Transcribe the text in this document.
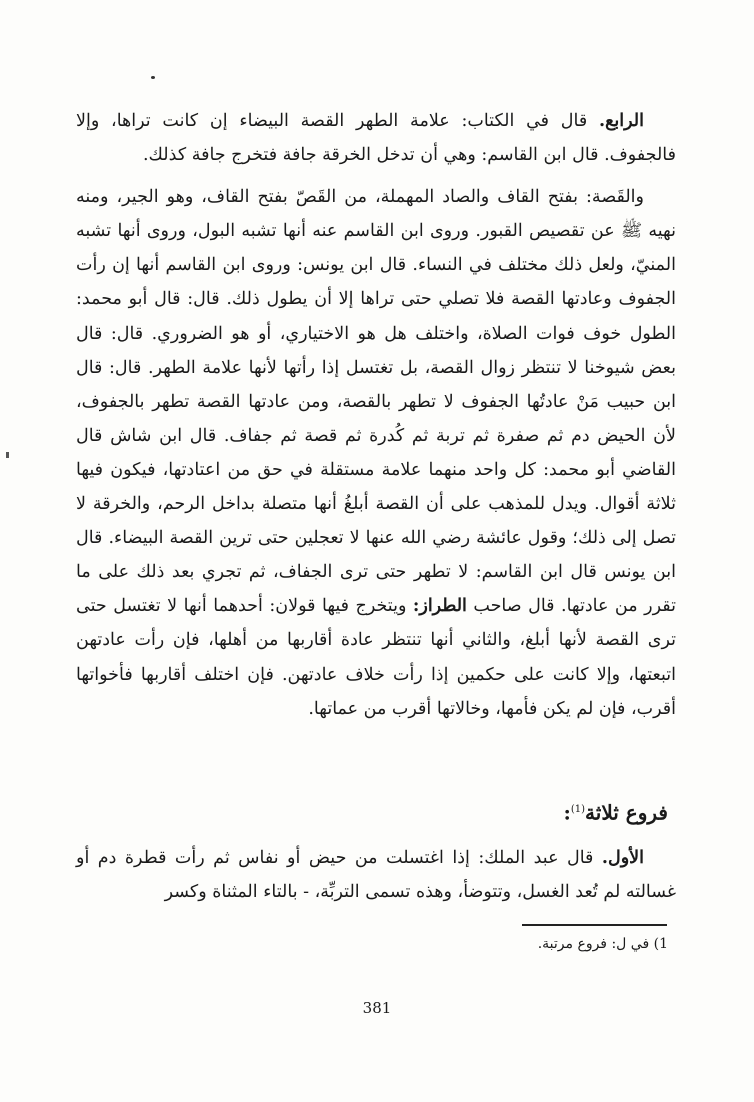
الرابع. قال في الكتاب: علامة الطهر القصة البيضاء إن كانت تراها، وإلا فالجفوف. قال ابن القاسم: وهي أن تدخل الخرقة جافة فتخرج جافة كذلك.

والقَصة: بفتح القاف والصاد المهملة، من القَصّ بفتح القاف، وهو الجير، ومنه نهيه ﷺ عن تقصيص القبور. وروى ابن القاسم عنه أنها تشبه البول، وروى أنها تشبه المنيّ، ولعل ذلك مختلف في النساء. قال ابن يونس: وروى ابن القاسم أنها إن رأت الجفوف وعادتها القصة فلا تصلي حتى تراها إلا أن يطول ذلك. قال: قال أبو محمد: الطول خوف فوات الصلاة، واختلف هل هو الاختياري، أو هو الضروري. قال: قال بعض شيوخنا لا تنتظر زوال القصة، بل تغتسل إذا رأتها لأنها علامة الطهر. قال: قال ابن حبيب مَنْ عادتُها الجفوف لا تطهر بالقصة، ومن عادتها القصة تطهر بالجفوف، لأن الحيض دم ثم صفرة ثم تربة ثم كُدرة ثم قصة ثم جفاف. قال ابن شاش قال القاضي أبو محمد: كل واحد منهما علامة مستقلة في حق من اعتادتها، فيكون فيها ثلاثة أقوال. ويدل للمذهب على أن القصة أبلغُ أنها متصلة بداخل الرحم، والخرقة لا تصل إلى ذلك؛ وقول عائشة رضي الله عنها لا تعجلين حتى ترين القصة البيضاء. قال ابن يونس قال ابن القاسم: لا تطهر حتى ترى الجفاف، ثم تجري بعد ذلك على ما تقرر من عادتها. قال صاحب الطراز: ويتخرج فيها قولان: أحدهما أنها لا تغتسل حتى ترى القصة لأنها أبلغ، والثاني أنها تنتظر عادة أقاربها من أهلها، فإن رأت عادتهن اتبعتها، وإلا كانت على حكمين إذا رأت خلاف عادتهن. فإن اختلف أقاربها فأخواتها أقرب، فإن لم يكن فأمها، وخالاتها أقرب من عماتها.

فروع ثلاثة$^{(1)}$:

الأول. قال عبد الملك: إذا اغتسلت من حيض أو نفاس ثم رأت قطرة دم أو غسالته لم تُعد الغسل، وتتوضأ، وهذه تسمى التربِّة، - بالتاء المثناة وكسر

1) في ل: فروع مرتبة.
381
